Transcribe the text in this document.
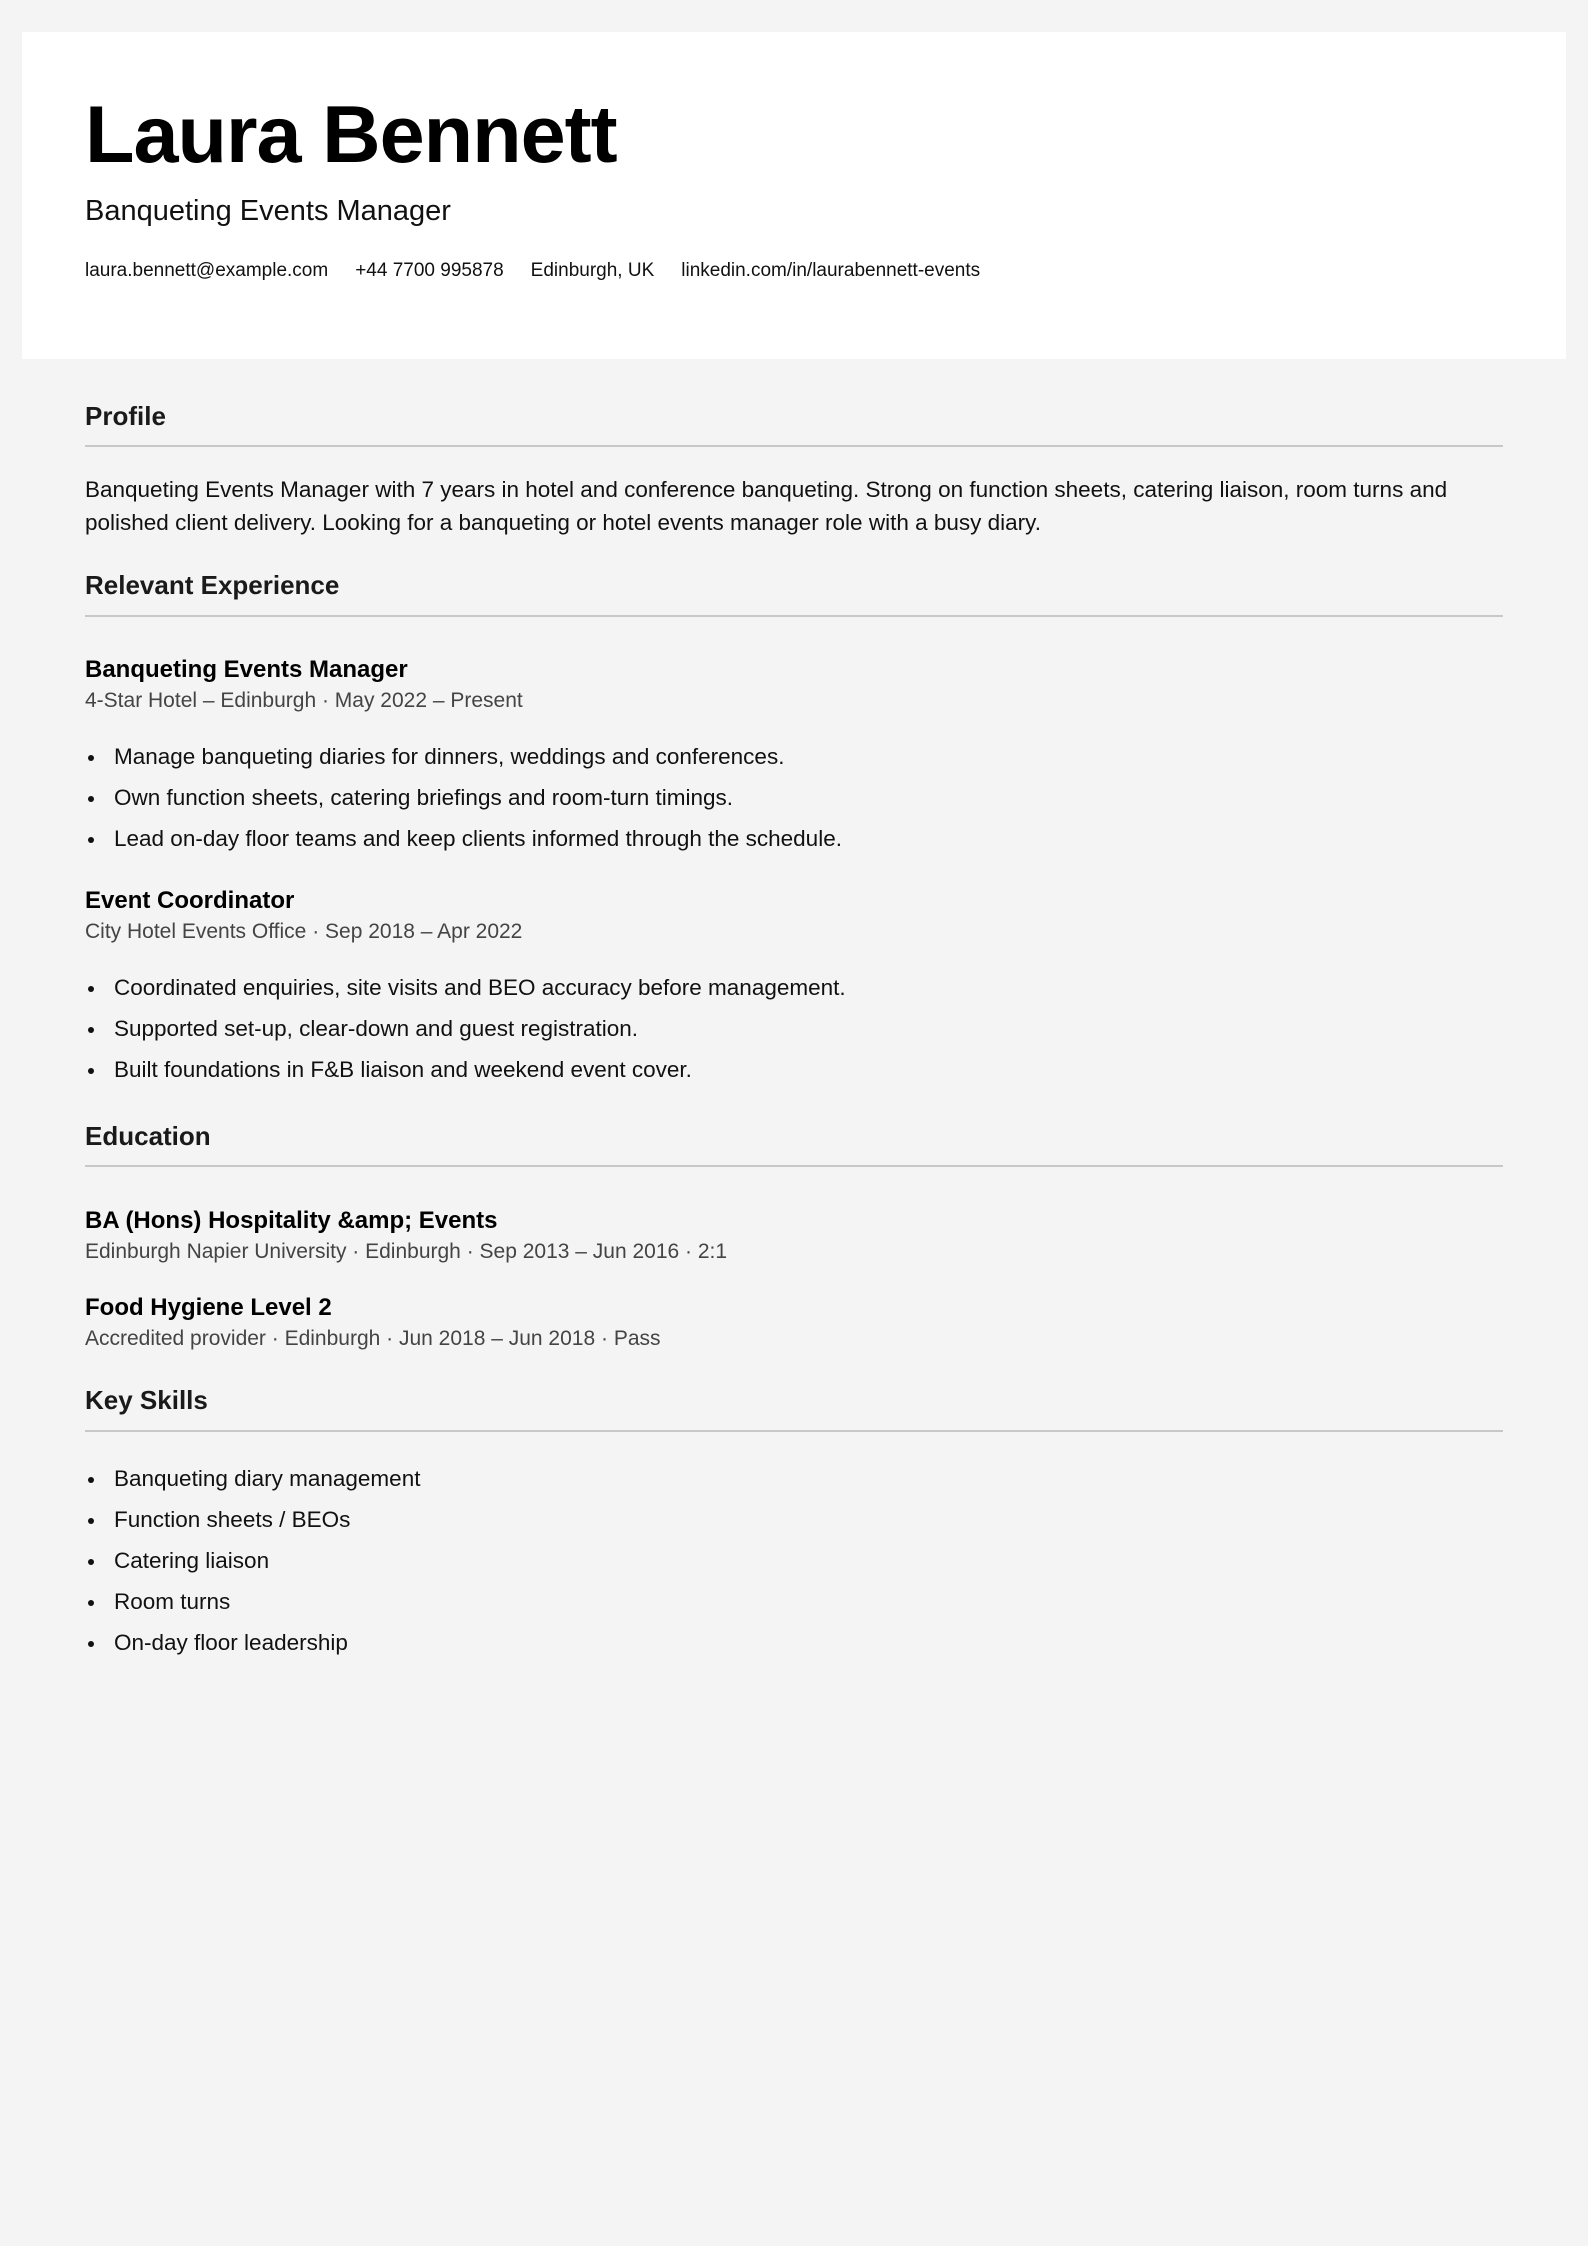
Laura Bennett
Banqueting Events Manager
laura.bennett@example.com +44 7700 995878 Edinburgh, UK linkedin.com/in/laurabennett-events
Profile

Banqueting Events Manager with 7 years in hotel and conference banqueting. Strong on function sheets, catering liaison, room turns and polished client delivery. Looking for a banqueting or hotel events manager role with a busy diary.

Relevant Experience
Banqueting Events Manager
4-Star Hotel – Edinburgh · May 2022 – Present
Manage banqueting diaries for dinners, weddings and conferences.
Own function sheets, catering briefings and room-turn timings.
Lead on-day floor teams and keep clients informed through the schedule.
Event Coordinator
City Hotel Events Office · Sep 2018 – Apr 2022
Coordinated enquiries, site visits and BEO accuracy before management.
Supported set-up, clear-down and guest registration.
Built foundations in F&B liaison and weekend event cover.
Education
BA (Hons) Hospitality &amp; Events
Edinburgh Napier University · Edinburgh · Sep 2013 – Jun 2016 · 2:1
Food Hygiene Level 2
Accredited provider · Edinburgh · Jun 2018 – Jun 2018 · Pass
Key Skills
Banqueting diary management
Function sheets / BEOs
Catering liaison
Room turns
On-day floor leadership
